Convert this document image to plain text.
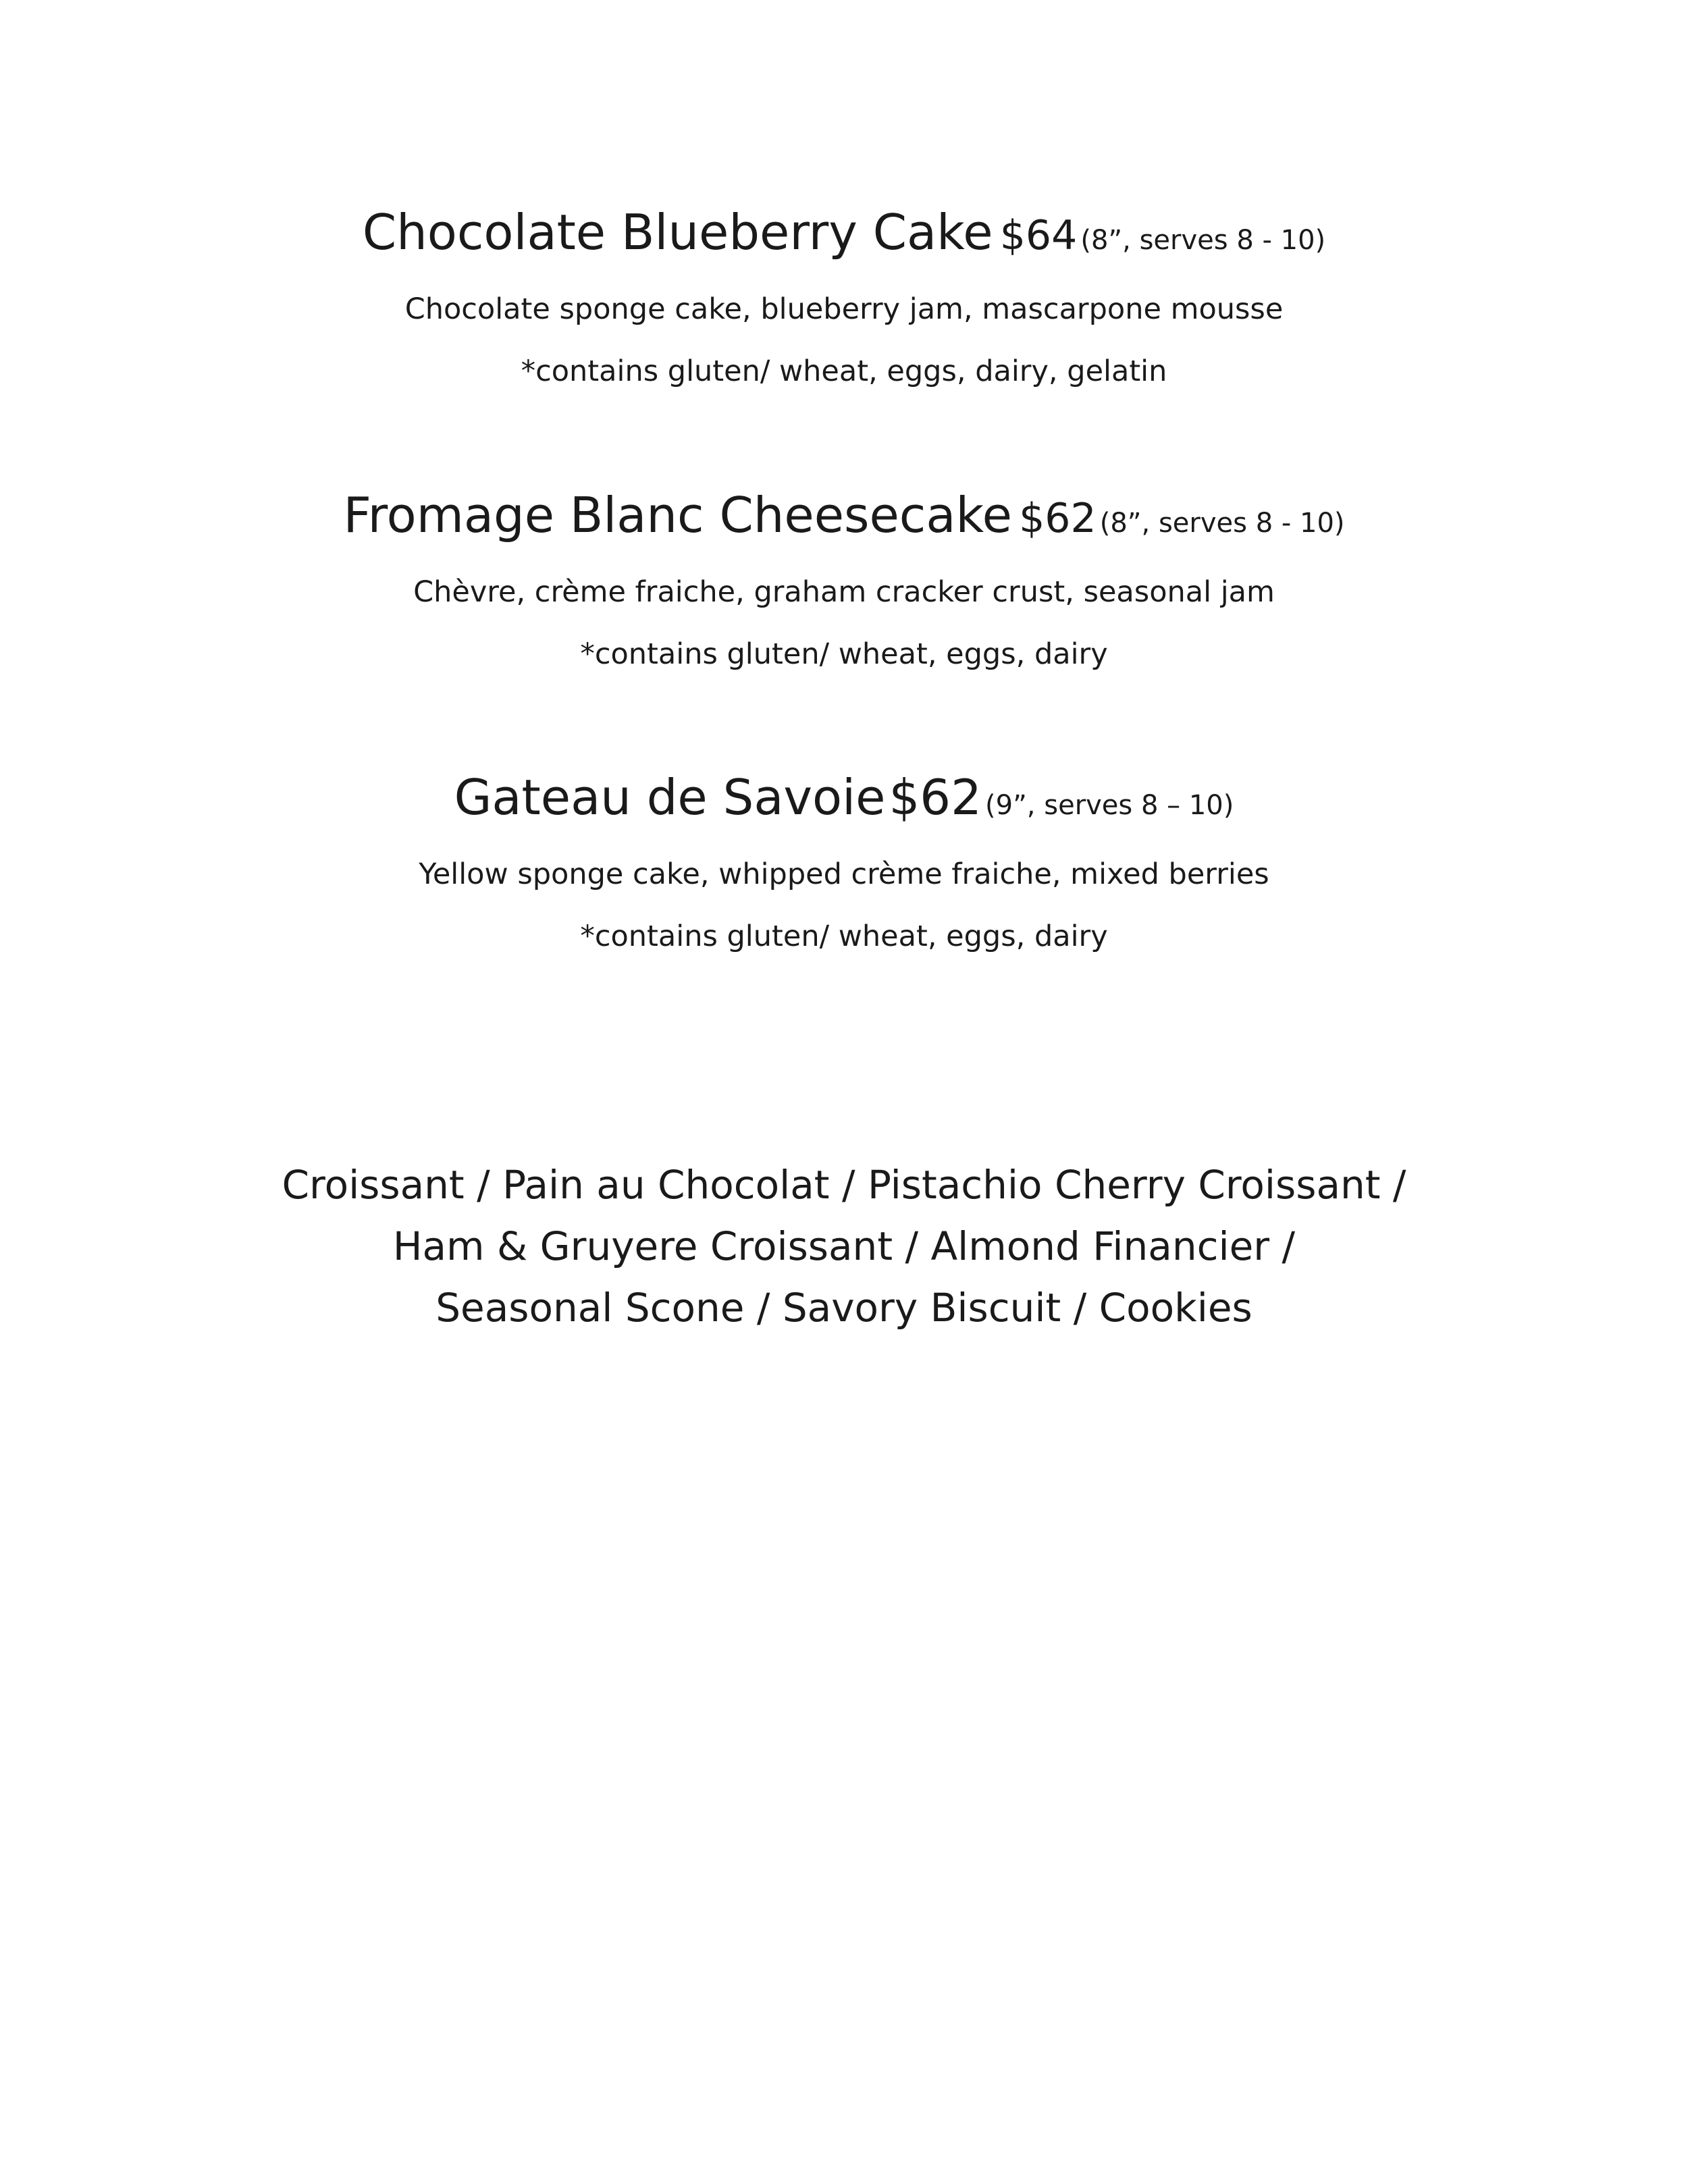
Chocolate Blueberry Cake $64 (8”, serves 8 - 10)
Chocolate sponge cake, blueberry jam, mascarpone mousse
*contains gluten/ wheat, eggs, dairy, gelatin
Fromage Blanc Cheesecake $62 (8”, serves 8 - 10)
Chèvre, crème fraiche, graham cracker crust, seasonal jam
*contains gluten/ wheat, eggs, dairy
Gateau de Savoie $62 (9”, serves 8 – 10)
Yellow sponge cake, whipped crème fraiche, mixed berries
*contains gluten/ wheat, eggs, dairy
Croissant / Pain au Chocolat / Pistachio Cherry Croissant /
Ham & Gruyere Croissant / Almond Financier /
Seasonal Scone / Savory Biscuit / Cookies
